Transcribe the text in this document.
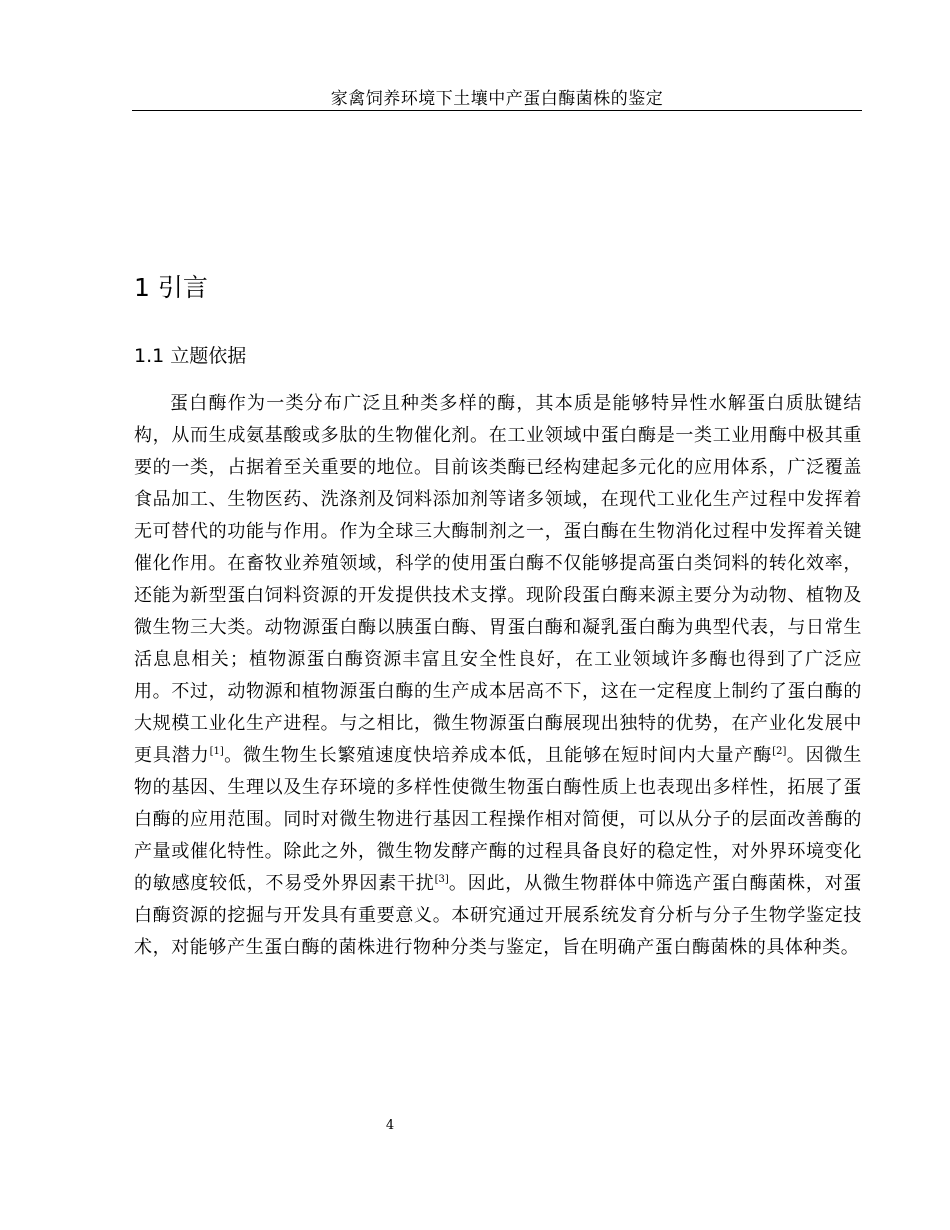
家禽饲养环境下土壤中产蛋白酶菌株的鉴定
1 引言
1.1 立题依据

蛋白酶作为一类分布广泛且种类多样的酶，其本质是能够特异性水解蛋白质肽键结构，从而生成氨基酸或多肽的生物催化剂。在工业领域中蛋白酶是一类工业用酶中极其重要的一类，占据着至关重要的地位。目前该类酶已经构建起多元化的应用体系，广泛覆盖食品加工、生物医药、洗涤剂及饲料添加剂等诸多领域，在现代工业化生产过程中发挥着无可替代的功能与作用。作为全球三大酶制剂之一，蛋白酶在生物消化过程中发挥着关键催化作用。在畜牧业养殖领域，科学的使用蛋白酶不仅能够提高蛋白类饲料的转化效率，还能为新型蛋白饲料资源的开发提供技术支撑。现阶段蛋白酶来源主要分为动物、植物及微生物三大类。动物源蛋白酶以胰蛋白酶、胃蛋白酶和凝乳蛋白酶为典型代表，与日常生活息息相关；植物源蛋白酶资源丰富且安全性良好，在工业领域许多酶也得到了广泛应用。不过，动物源和植物源蛋白酶的生产成本居高不下，这在一定程度上制约了蛋白酶的大规模工业化生产进程。与之相比，微生物源蛋白酶展现出独特的优势，在产业化发展中更具潜力[1]。微生物生长繁殖速度快培养成本低，且能够在短时间内大量产酶[2]。因微生物的基因、生理以及生存环境的多样性使微生物蛋白酶性质上也表现出多样性，拓展了蛋白酶的应用范围。同时对微生物进行基因工程操作相对简便，可以从分子的层面改善酶的产量或催化特性。除此之外，微生物发酵产酶的过程具备良好的稳定性，对外界环境变化的敏感度较低，不易受外界因素干扰[3]。因此，从微生物群体中筛选产蛋白酶菌株，对蛋白酶资源的挖掘与开发具有重要意义。本研究通过开展系统发育分析与分子生物学鉴定技术，对能够产生蛋白酶的菌株进行物种分类与鉴定，旨在明确产蛋白酶菌株的具体种类。

4
